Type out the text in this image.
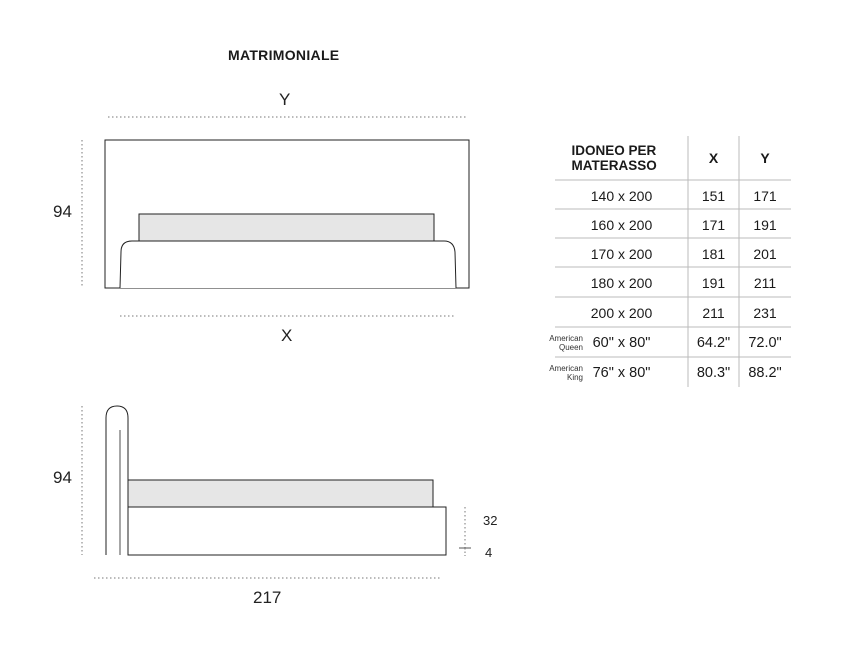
MATRIMONIALE
Y
X
94
94
217
32
4
IDONEO PER MATERASSO	X	Y
140 x 200	151	171
160 x 200	171	191
170 x 200	181	201
180 x 200	191	211
200 x 200	211	231
American Queen 60" x 80"	64.2"	72.0"
American King 76" x 80"	80.3"	88.2"
